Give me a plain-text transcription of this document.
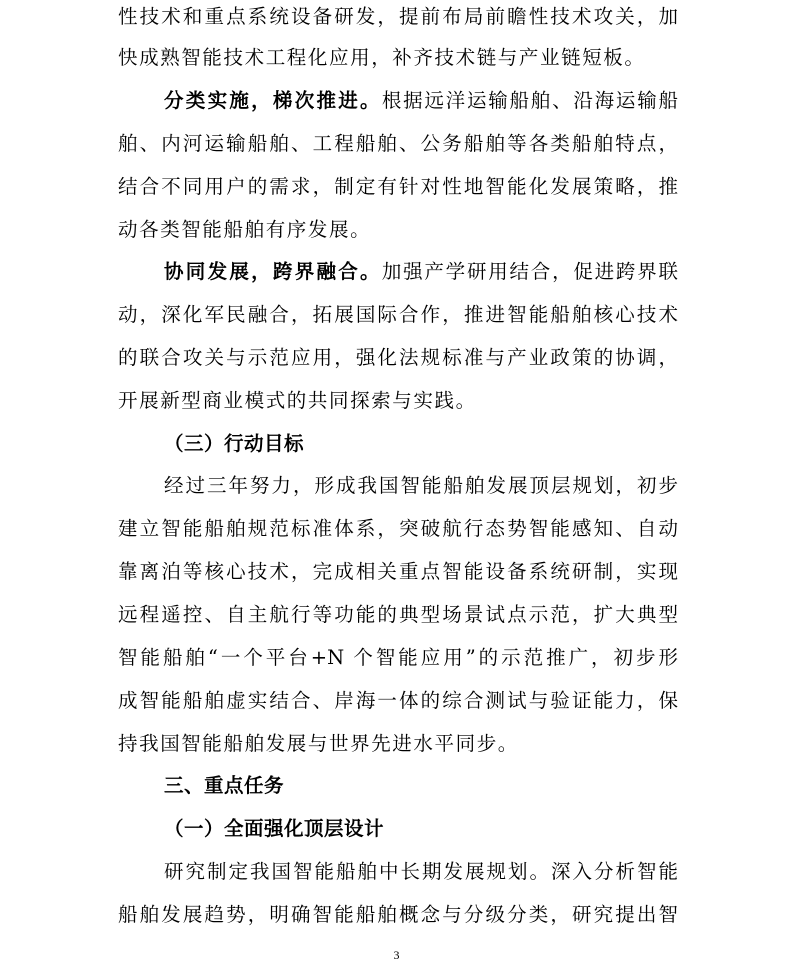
性技术和重点系统设备研发，提前布局前瞻性技术攻关，加
快成熟智能技术工程化应用，补齐技术链与产业链短板。
分类实施，梯次推进。根据远洋运输船舶、沿海运输船
舶、内河运输船舶、工程船舶、公务船舶等各类船舶特点，
结合不同用户的需求，制定有针对性地智能化发展策略，推
动各类智能船舶有序发展。
协同发展，跨界融合。加强产学研用结合，促进跨界联
动，深化军民融合，拓展国际合作，推进智能船舶核心技术
的联合攻关与示范应用，强化法规标准与产业政策的协调，
开展新型商业模式的共同探索与实践。
（三）行动目标
经过三年努力，形成我国智能船舶发展顶层规划，初步
建立智能船舶规范标准体系，突破航行态势智能感知、自动
靠离泊等核心技术，完成相关重点智能设备系统研制，实现
远程遥控、自主航行等功能的典型场景试点示范，扩大典型
智能船舶“一个平台+N 个智能应用”的示范推广，初步形
成智能船舶虚实结合、岸海一体的综合测试与验证能力，保
持我国智能船舶发展与世界先进水平同步。
三、重点任务
（一）全面强化顶层设计
研究制定我国智能船舶中长期发展规划。深入分析智能
船舶发展趋势，明确智能船舶概念与分级分类，研究提出智
3
